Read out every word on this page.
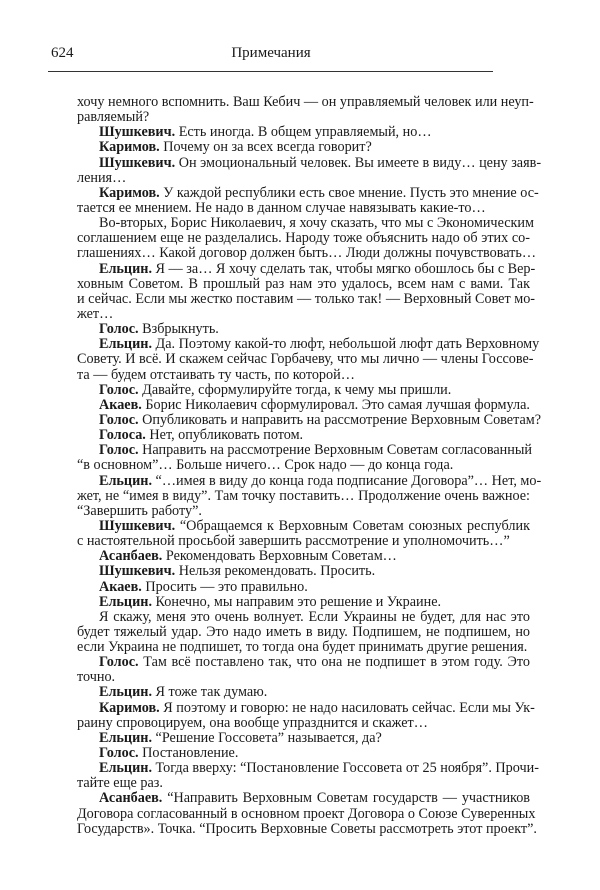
624	Примечания
хочу немного вспомнить. Ваш Кебич — он управляемый человек или неуп-
равляемый?
Шушкевич. Есть иногда. В общем управляемый, но…
Каримов. Почему он за всех всегда говорит?
Шушкевич. Он эмоциональный человек. Вы имеете в виду… цену заяв-
ления…
Каримов. У каждой республики есть свое мнение. Пусть это мнение ос-
тается ее мнением. Не надо в данном случае навязывать какие-то…
Во-вторых, Борис Николаевич, я хочу сказать, что мы с Экономическим
соглашением еще не разделались. Народу тоже объяснить надо об этих со-
глашениях… Какой договор должен быть… Люди должны почувствовать…
Ельцин. Я — за… Я хочу сделать так, чтобы мягко обошлось бы с Вер-
ховным Советом. В прошлый раз нам это удалось, всем нам с вами. Так
и сейчас. Если мы жестко поставим — только так! — Верховный Совет мо-
жет…
Голос. Взбрыкнуть.
Ельцин. Да. Поэтому какой-то люфт, небольшой люфт дать Верховному
Совету. И всё. И скажем сейчас Горбачеву, что мы лично — члены Госсове-
та — будем отстаивать ту часть, по которой…
Голос. Давайте, сформулируйте тогда, к чему мы пришли.
Акаев. Борис Николаевич сформулировал. Это самая лучшая формула.
Голос. Опубликовать и направить на рассмотрение Верховным Советам?
Голоса. Нет, опубликовать потом.
Голос. Направить на рассмотрение Верховным Советам согласованный
“в основном”… Больше ничего… Срок надо — до конца года.
Ельцин. “…имея в виду до конца года подписание Договора”… Нет, мо-
жет, не “имея в виду”. Там точку поставить… Продолжение очень важное:
“Завершить работу”.
Шушкевич. “Обращаемся к Верховным Советам союзных республик
с настоятельной просьбой завершить рассмотрение и уполномочить…”
Асанбаев. Рекомендовать Верховным Советам…
Шушкевич. Нельзя рекомендовать. Просить.
Акаев. Просить — это правильно.
Ельцин. Конечно, мы направим это решение и Украине.
Я скажу, меня это очень волнует. Если Украины не будет, для нас это
будет тяжелый удар. Это надо иметь в виду. Подпишем, не подпишем, но
если Украина не подпишет, то тогда она будет принимать другие решения.
Голос. Там всё поставлено так, что она не подпишет в этом году. Это
точно.
Ельцин. Я тоже так думаю.
Каримов. Я поэтому и говорю: не надо насиловать сейчас. Если мы Ук-
раину спровоцируем, она вообще упразднится и скажет…
Ельцин. “Решение Госсовета” называется, да?
Голос. Постановление.
Ельцин. Тогда вверху: “Постановление Госсовета от 25 ноября”. Прочи-
тайте еще раз.
Асанбаев. “Направить Верховным Советам государств — участников
Договора согласованный в основном проект Договора о Союзе Суверенных
Государств». Точка. “Просить Верховные Советы рассмотреть этот проект”.
